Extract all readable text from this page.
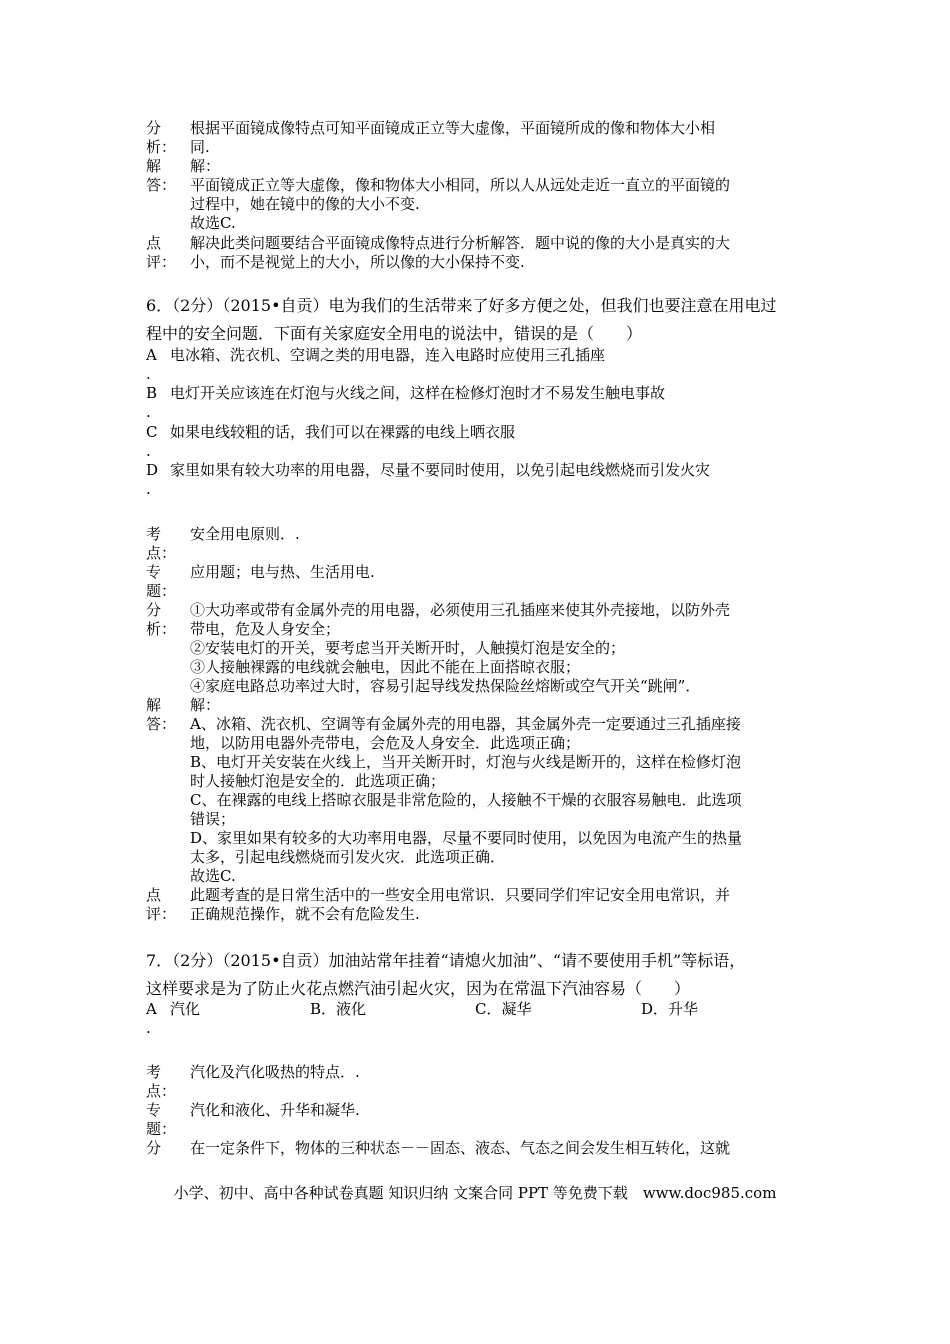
分
析：
根据平面镜成像特点可知平面镜成正立等大虚像，平面镜所成的像和物体大小相
同.
解
答：
解：
平面镜成正立等大虚像，像和物体大小相同，所以人从远处走近一直立的平面镜的
过程中，她在镜中的像的大小不变.
故选C.
点
评：
解决此类问题要结合平面镜成像特点进行分析解答．题中说的像的大小是真实的大
小，而不是视觉上的大小，所以像的大小保持不变.
6．（2分）（2015•自贡）电为我们的生活带来了好多方便之处，但我们也要注意在用电过
程中的安全问题．下面有关家庭安全用电的说法中，错误的是（　　）
A
.
电冰箱、洗衣机、空调之类的用电器，连入电路时应使用三孔插座
B
.
电灯开关应该连在灯泡与火线之间，这样在检修灯泡时才不易发生触电事故
C
.
如果电线较粗的话，我们可以在裸露的电线上晒衣服
D
.
家里如果有较大功率的用电器，尽量不要同时使用，以免引起电线燃烧而引发火灾
考
点：
安全用电原则．.
专
题：
应用题；电与热、生活用电.
分
析：
①大功率或带有金属外壳的用电器，必须使用三孔插座来使其外壳接地，以防外壳
带电，危及人身安全；
②安装电灯的开关，要考虑当开关断开时，人触摸灯泡是安全的；
③人接触裸露的电线就会触电，因此不能在上面搭晾衣服；
④家庭电路总功率过大时，容易引起导线发热保险丝熔断或空气开关“跳闸”．
解
答：
解：
A、冰箱、洗衣机、空调等有金属外壳的用电器，其金属外壳一定要通过三孔插座接
地，以防用电器外壳带电，会危及人身安全．此选项正确；
B、电灯开关安装在火线上，当开关断开时，灯泡与火线是断开的，这样在检修灯泡
时人接触灯泡是安全的．此选项正确；
C、在裸露的电线上搭晾衣服是非常危险的，人接触不干燥的衣服容易触电．此选项
错误；
D、家里如果有较多的大功率用电器，尽量不要同时使用，以免因为电流产生的热量
太多，引起电线燃烧而引发火灾．此选项正确．
故选C.
点
评：
此题考查的是日常生活中的一些安全用电常识．只要同学们牢记安全用电常识，并
正确规范操作，就不会有危险发生.
7．（2分）（2015•自贡）加油站常年挂着“请熄火加油”、“请不要使用手机”等标语，
这样要求是为了防止火花点燃汽油引起火灾，因为在常温下汽油容易（　　）
A
.
汽化	B．液化	C．凝华	D．升华
考
点：
汽化及汽化吸热的特点．.
专
题：
汽化和液化、升华和凝华.
分	在一定条件下，物体的三种状态－－固态、液态、气态之间会发生相互转化，这就
小学、初中、高中各种试卷真题 知识归纳 文案合同 PPT 等免费下载　www.doc985.com
